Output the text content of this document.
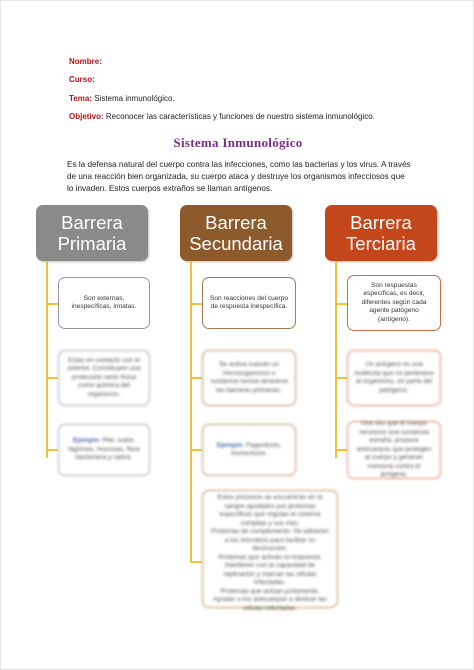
Nombre:
Curso:
Tema: Sistema inmunológico.
Objetivo: Reconocer las características y funciones de nuestro sistema inmunológico.
Sistema Inmunológico
Es la defensa natural del cuerpo contra las infecciones, como las bacterias y los virus. A través de una reacción bien organizada, su cuerpo ataca y destruye los organismos infecciosos que lo invaden. Estos cuerpos extraños se llaman antígenos.
Barrera
Primaria
Son externas, inespecíficas, innatas.
Estas en contacto con el exterior. Constituyen una protección tanto física como química del organismo.
Ejemplo: Piel, sudor, lágrimas, mucosas, flora bacteriana y saliva.
Barrera
Secundaria
Son reacciones del cuerpo de respuesta inespecífica.
Se activa cuando un microorganismo o sustancia nociva atraviesa las barreras primarias.
Ejemplo: Fagocitosis, monocitosis.
Estos procesos se encuentran en la sangre ayudados por proteínas específicas que regulan el sistema complejo y sus vías.
Proteínas de complemento: Se adhieren a los microbios para facilitar su destrucción.
Proteínas que activan la respuesta. Interfieren con la capacidad de replicación y marcan las células infectadas.
Proteínas que actúan juntamente. Ayudan a los anticuerpos a destruir las células infectadas.
Barrera
Terciaria
Son respuestas específicas, es decir, diferentes según cada agente patógeno (antígeno).
Un antígeno es una molécula que no pertenece al organismo, en parte del patógeno.
Una vez que el cuerpo reconoce una sustancia extraña, produce anticuerpos que protegen al cuerpo y generan memoria contra el antígeno.
